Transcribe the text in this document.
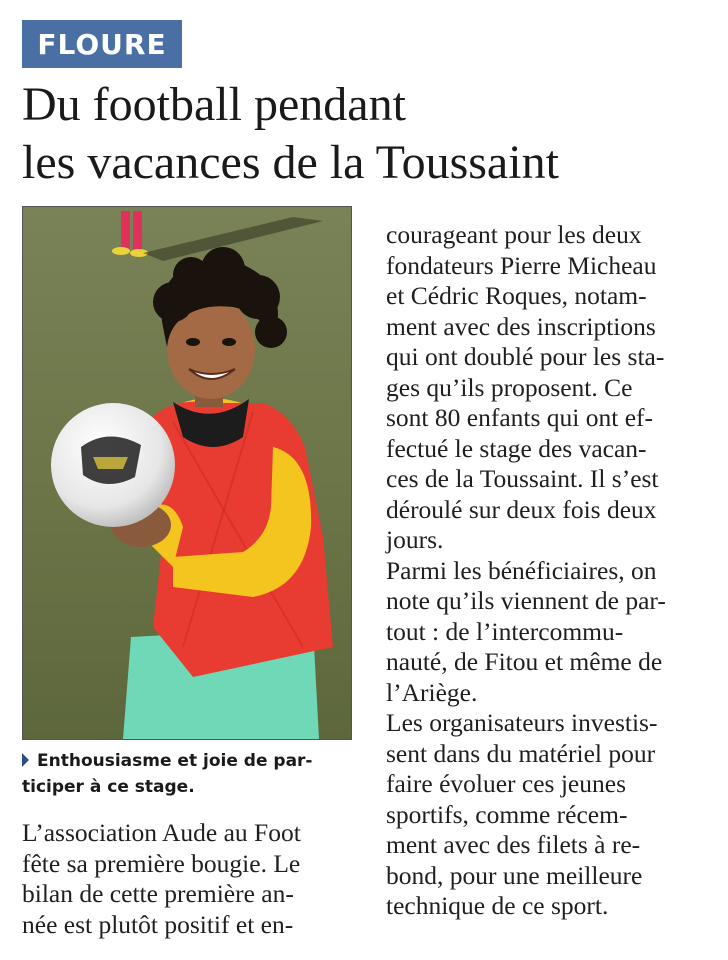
FLOURE
Du football pendant
les vacances de la Toussaint
Enthousiasme et joie de par-
ticiper à ce stage.
L’association Aude au Foot
fête sa première bougie. Le
bilan de cette première an-
née est plutôt positif et en-
courageant pour les deux
fondateurs Pierre Micheau
et Cédric Roques, notam-
ment avec des inscriptions
qui ont doublé pour les sta-
ges qu’ils proposent. Ce
sont 80 enfants qui ont ef-
fectué le stage des vacan-
ces de la Toussaint. Il s’est
déroulé sur deux fois deux
jours.
Parmi les bénéficiaires, on
note qu’ils viennent de par-
tout : de l’intercommu-
nauté, de Fitou et même de
l’Ariège.
Les organisateurs investis-
sent dans du matériel pour
faire évoluer ces jeunes
sportifs, comme récem-
ment avec des filets à re-
bond, pour une meilleure
technique de ce sport.
